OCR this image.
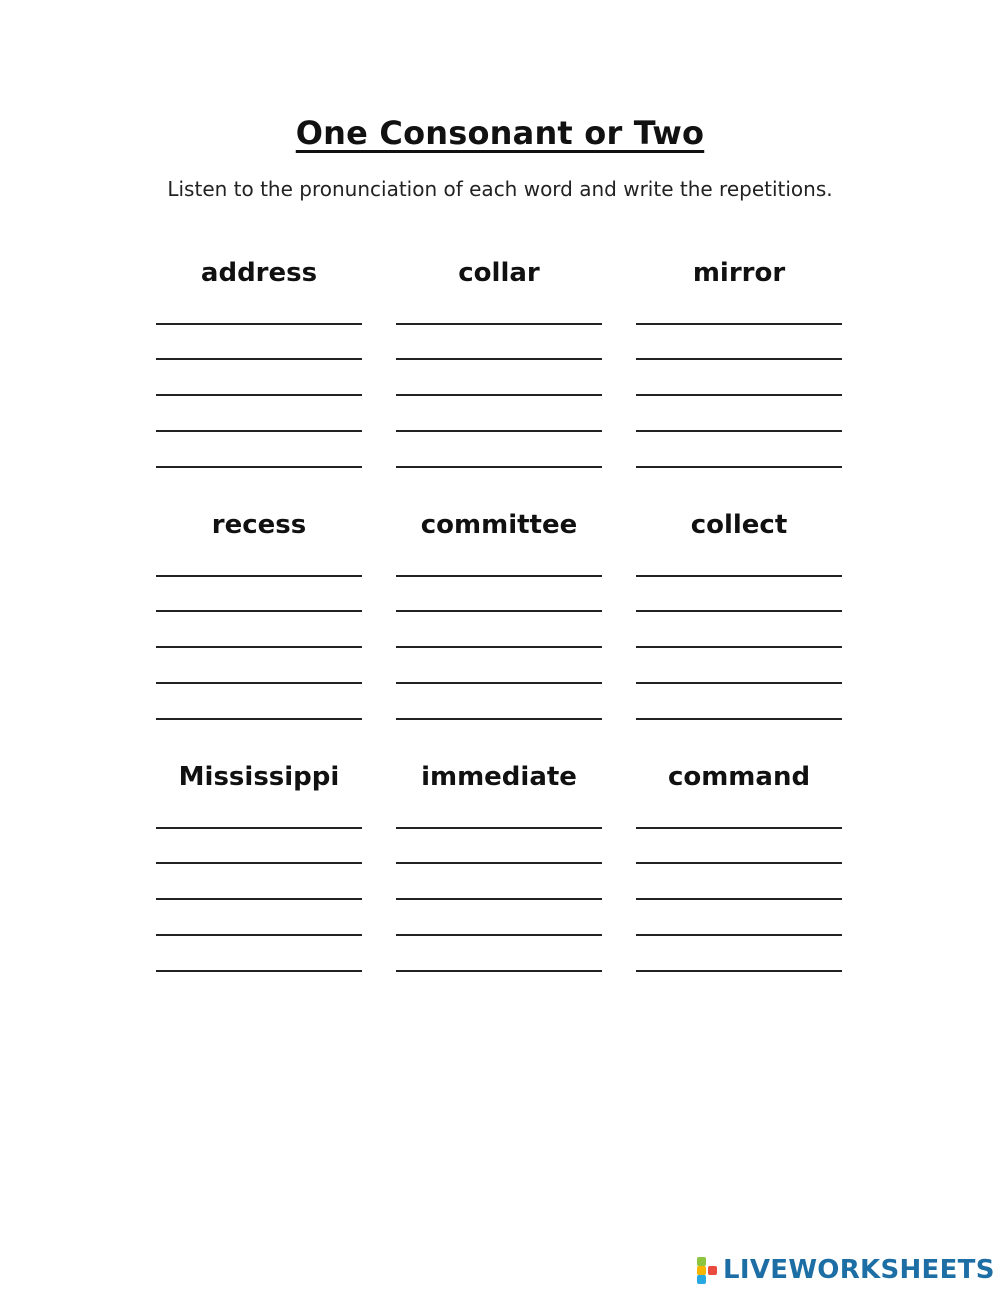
One Consonant or Two
Listen to the pronunciation of each word and write the repetitions.
address	collar	mirror
recess	committee	collect
Mississippi	immediate	command
LIVEWORKSHEETS
